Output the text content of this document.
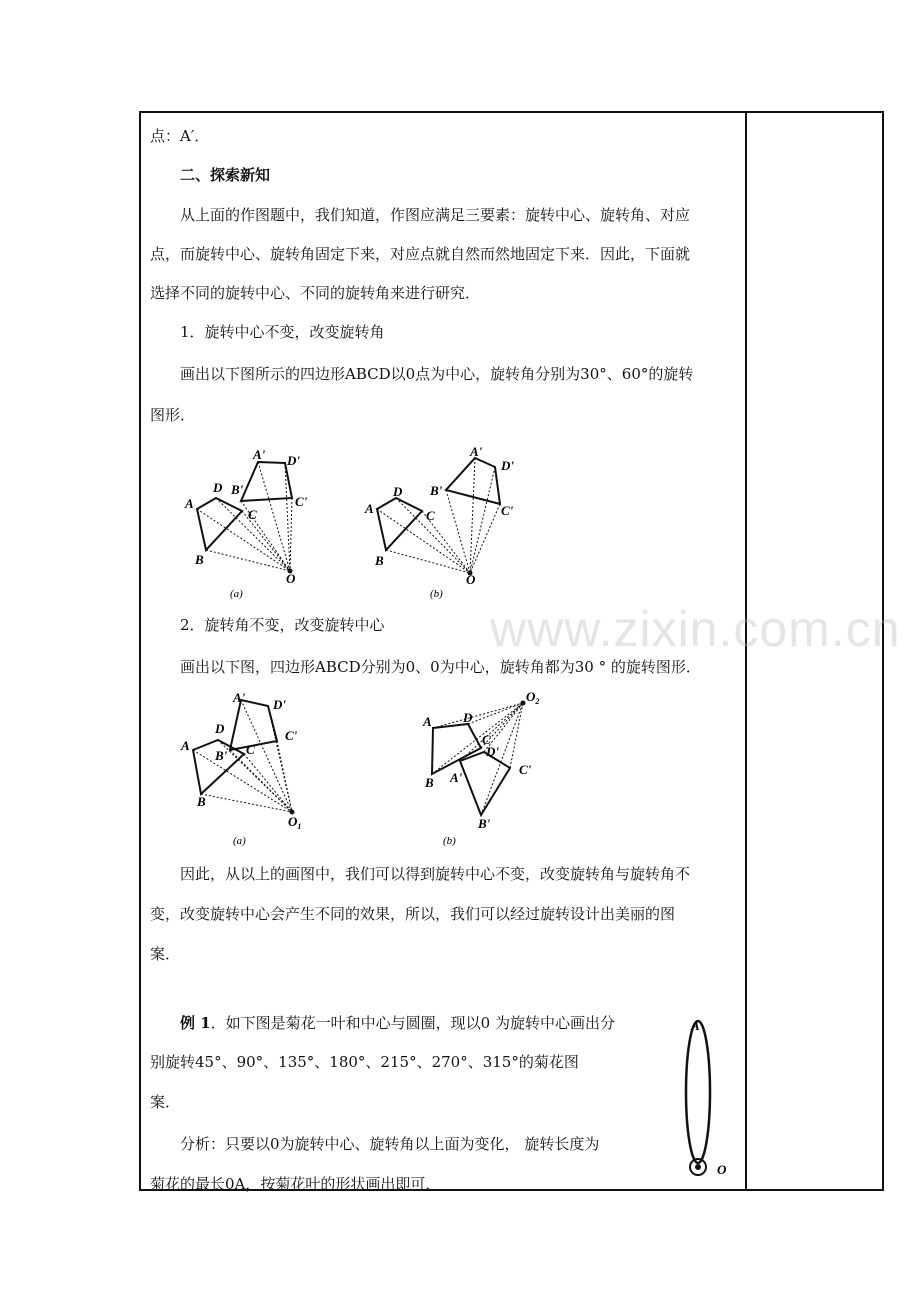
www.zixin.com.cn
点：A′．
二、探索新知
从上面的作图题中，我们知道，作图应满足三要素：旋转中心、旋转角、对应
点，而旋转中心、旋转角固定下来，对应点就自然而然地固定下来．因此，下面就
选择不同的旋转中心、不同的旋转角来进行研究．
1．旋转中心不变，改变旋转角
画出以下图所示的四边形ABCD以0点为中心，旋转角分别为30°、60°的旋转
图形．
A
D
C
B
A' D'
C'
B'
O
(a)
A
D
C
B
A'
D'
C'
B'
O
(b)
2．旋转角不变，改变旋转中心
画出以下图，四边形ABCD分别为0、0为中心，旋转角都为30 ° 的旋转图形．
A
D
C
B
A' D'
C'
B'
$O_1$
(a)
A D
C
B A'
D'
C'
B'
$O_2$
(b)
因此，从以上的画图中，我们可以得到旋转中心不变，改变旋转角与旋转角不
变，改变旋转中心会产生不同的效果，所以，我们可以经过旋转设计出美丽的图
案．
例 1．如下图是菊花一叶和中心与圆圈，现以0 为旋转中心画出分
别旋转45°、90°、135°、180°、215°、270°、315°的菊花图
案．
分析：只要以0为旋转中心、旋转角以上面为变化， 旋转长度为
菊花的最长0A，按菊花叶的形状画出即可．
A
O
